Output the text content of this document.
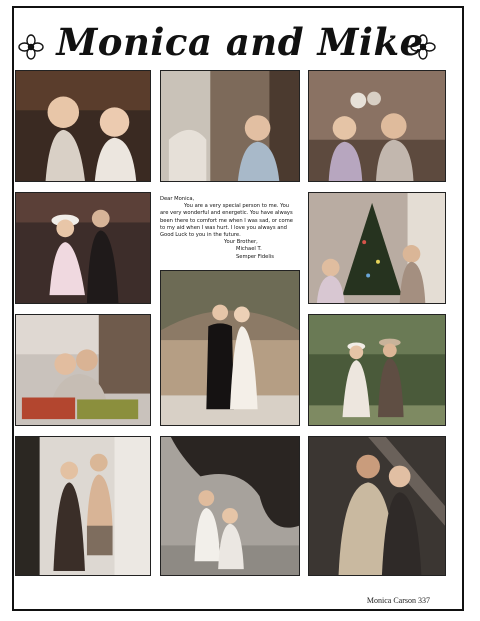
Monica and Mike
Dear Monica,
You are a very special person to me. You
are very wonderful and energetic. You have always
been there to comfort me when I was sad, or come
to my aid when I was hurt. I love you always and
Good Luck to you in the future.
Your Brother,
Michael T.
Semper Fidelis
Monica Carson 337
